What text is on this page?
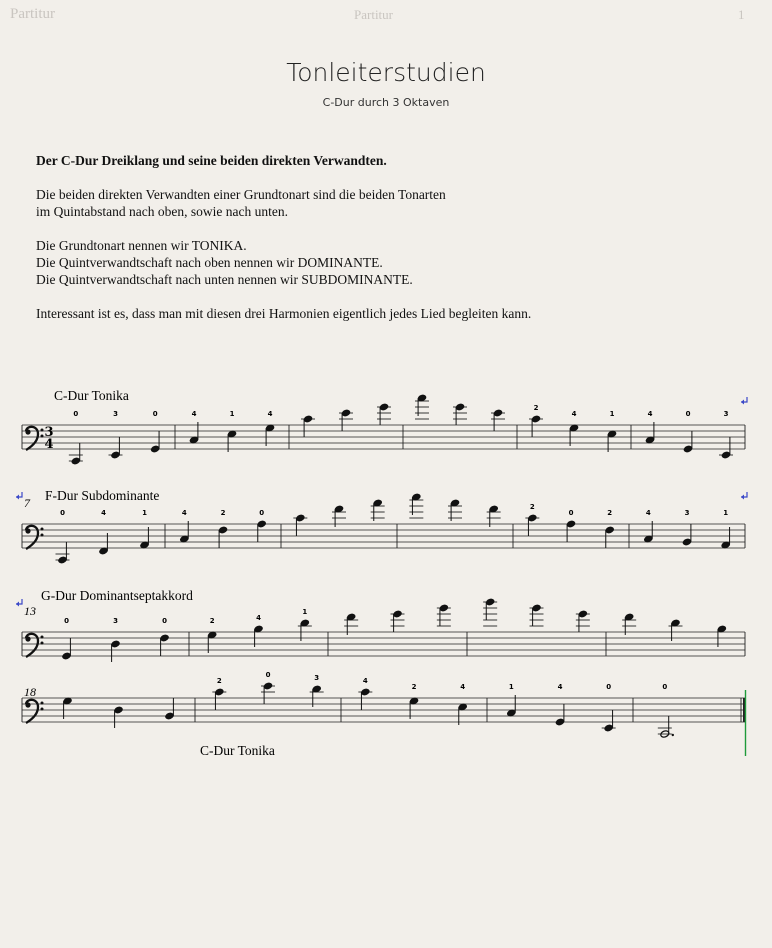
Partitur	Partitur	1
Tonleiterstudien
C-Dur durch 3 Oktaven

Der C-Dur Dreiklang und seine beiden direkten Verwandten.

Die beiden direkten Verwandten einer Grundtonart sind die beiden Tonarten
im Quintabstand nach oben, sowie nach unten.

Die Grundtonart nennen wir TONIKA.
Die Quintverwandtschaft nach oben nennen wir DOMINANTE.
Die Quintverwandtschaft nach unten nennen wir SUBDOMINANTE.

Interessant ist es, dass man mit diesen drei Harmonien eigentlich jedes Lied begleiten kann.

3
4
C-Dur Tonika
0	3	0	4	1	4
2
4	1	4	0	3
7 F-Dur Subdominante
0	4	1	4	2	0
2
0	2	4	3	1
13
G-Dur Dominantseptakkord
0	3	0	2	4
1
18
C-Dur Tonika
2
0	3	4
2	4	1	4	0	0
